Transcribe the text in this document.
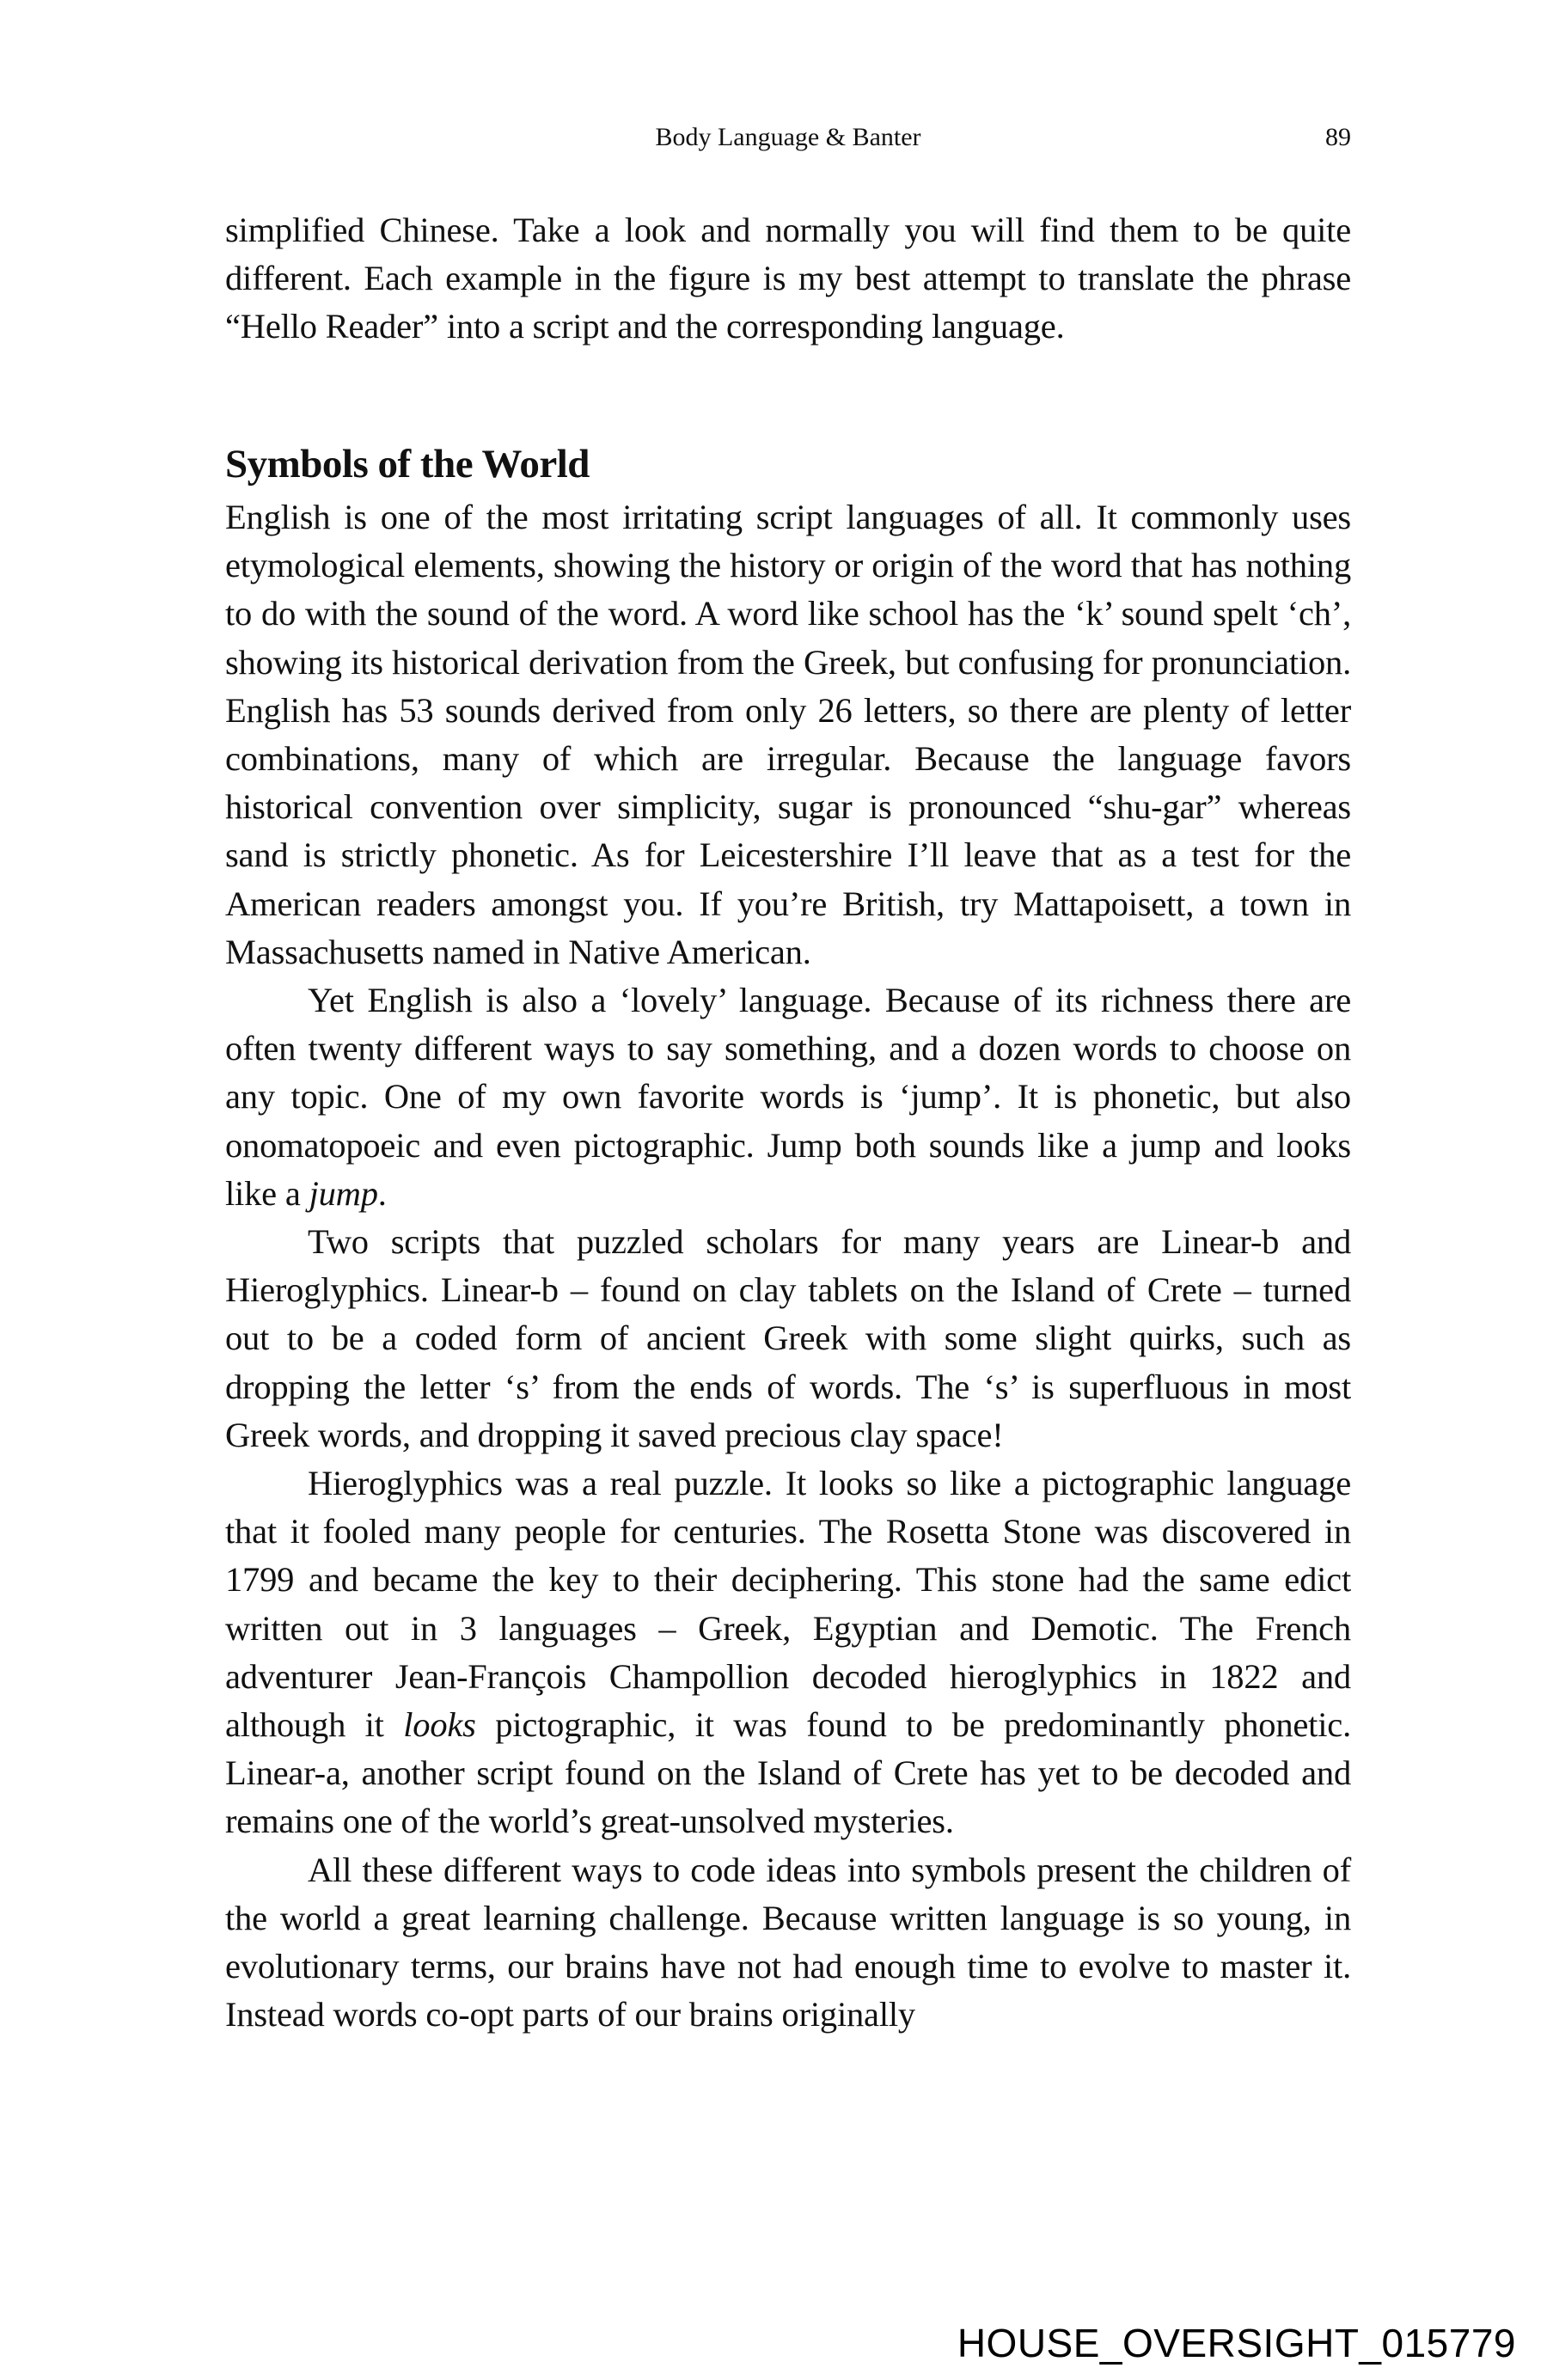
Body Language & Banter	89

simplified Chinese. Take a look and normally you will find them to be quite different. Each example in the figure is my best attempt to translate the phrase “Hello Reader” into a script and the corresponding language.

Symbols of the World

English is one of the most irritating script languages of all. It commonly uses etymological elements, showing the history or origin of the word that has nothing to do with the sound of the word. A word like school has the ‘k’ sound spelt ‘ch’, showing its historical derivation from the Greek, but confusing for pronunciation. English has 53 sounds derived from only 26 letters, so there are plenty of letter combinations, many of which are irregular. Because the language favors historical convention over simplicity, sugar is pronounced “shu-gar” whereas sand is strictly phonetic. As for Leicestershire I’ll leave that as a test for the American readers amongst you. If you’re British, try Mattapoisett, a town in Massachusetts named in Native American.

Yet English is also a ‘lovely’ language. Because of its richness there are often twenty different ways to say something, and a dozen words to choose on any topic. One of my own favorite words is ‘jump’. It is phonetic, but also onomatopoeic and even pictographic. Jump both sounds like a jump and looks like a jump.

Two scripts that puzzled scholars for many years are Linear-b and Hieroglyphics. Linear-b – found on clay tablets on the Island of Crete – turned out to be a coded form of ancient Greek with some slight quirks, such as dropping the letter ‘s’ from the ends of words. The ‘s’ is superfluous in most Greek words, and dropping it saved precious clay space!

Hieroglyphics was a real puzzle. It looks so like a pictographic language that it fooled many people for centuries. The Rosetta Stone was discovered in 1799 and became the key to their deciphering. This stone had the same edict written out in 3 languages – Greek, Egyptian and Demotic. The French adventurer Jean-François Champollion decoded hieroglyphics in 1822 and although it looks pictographic, it was found to be predominantly phonetic. Linear-a, another script found on the Island of Crete has yet to be decoded and remains one of the world’s great-unsolved mysteries.

All these different ways to code ideas into symbols present the children of the world a great learning challenge. Because written language is so young, in evolutionary terms, our brains have not had enough time to evolve to master it. Instead words co-opt parts of our brains originally

HOUSE_OVERSIGHT_015779
